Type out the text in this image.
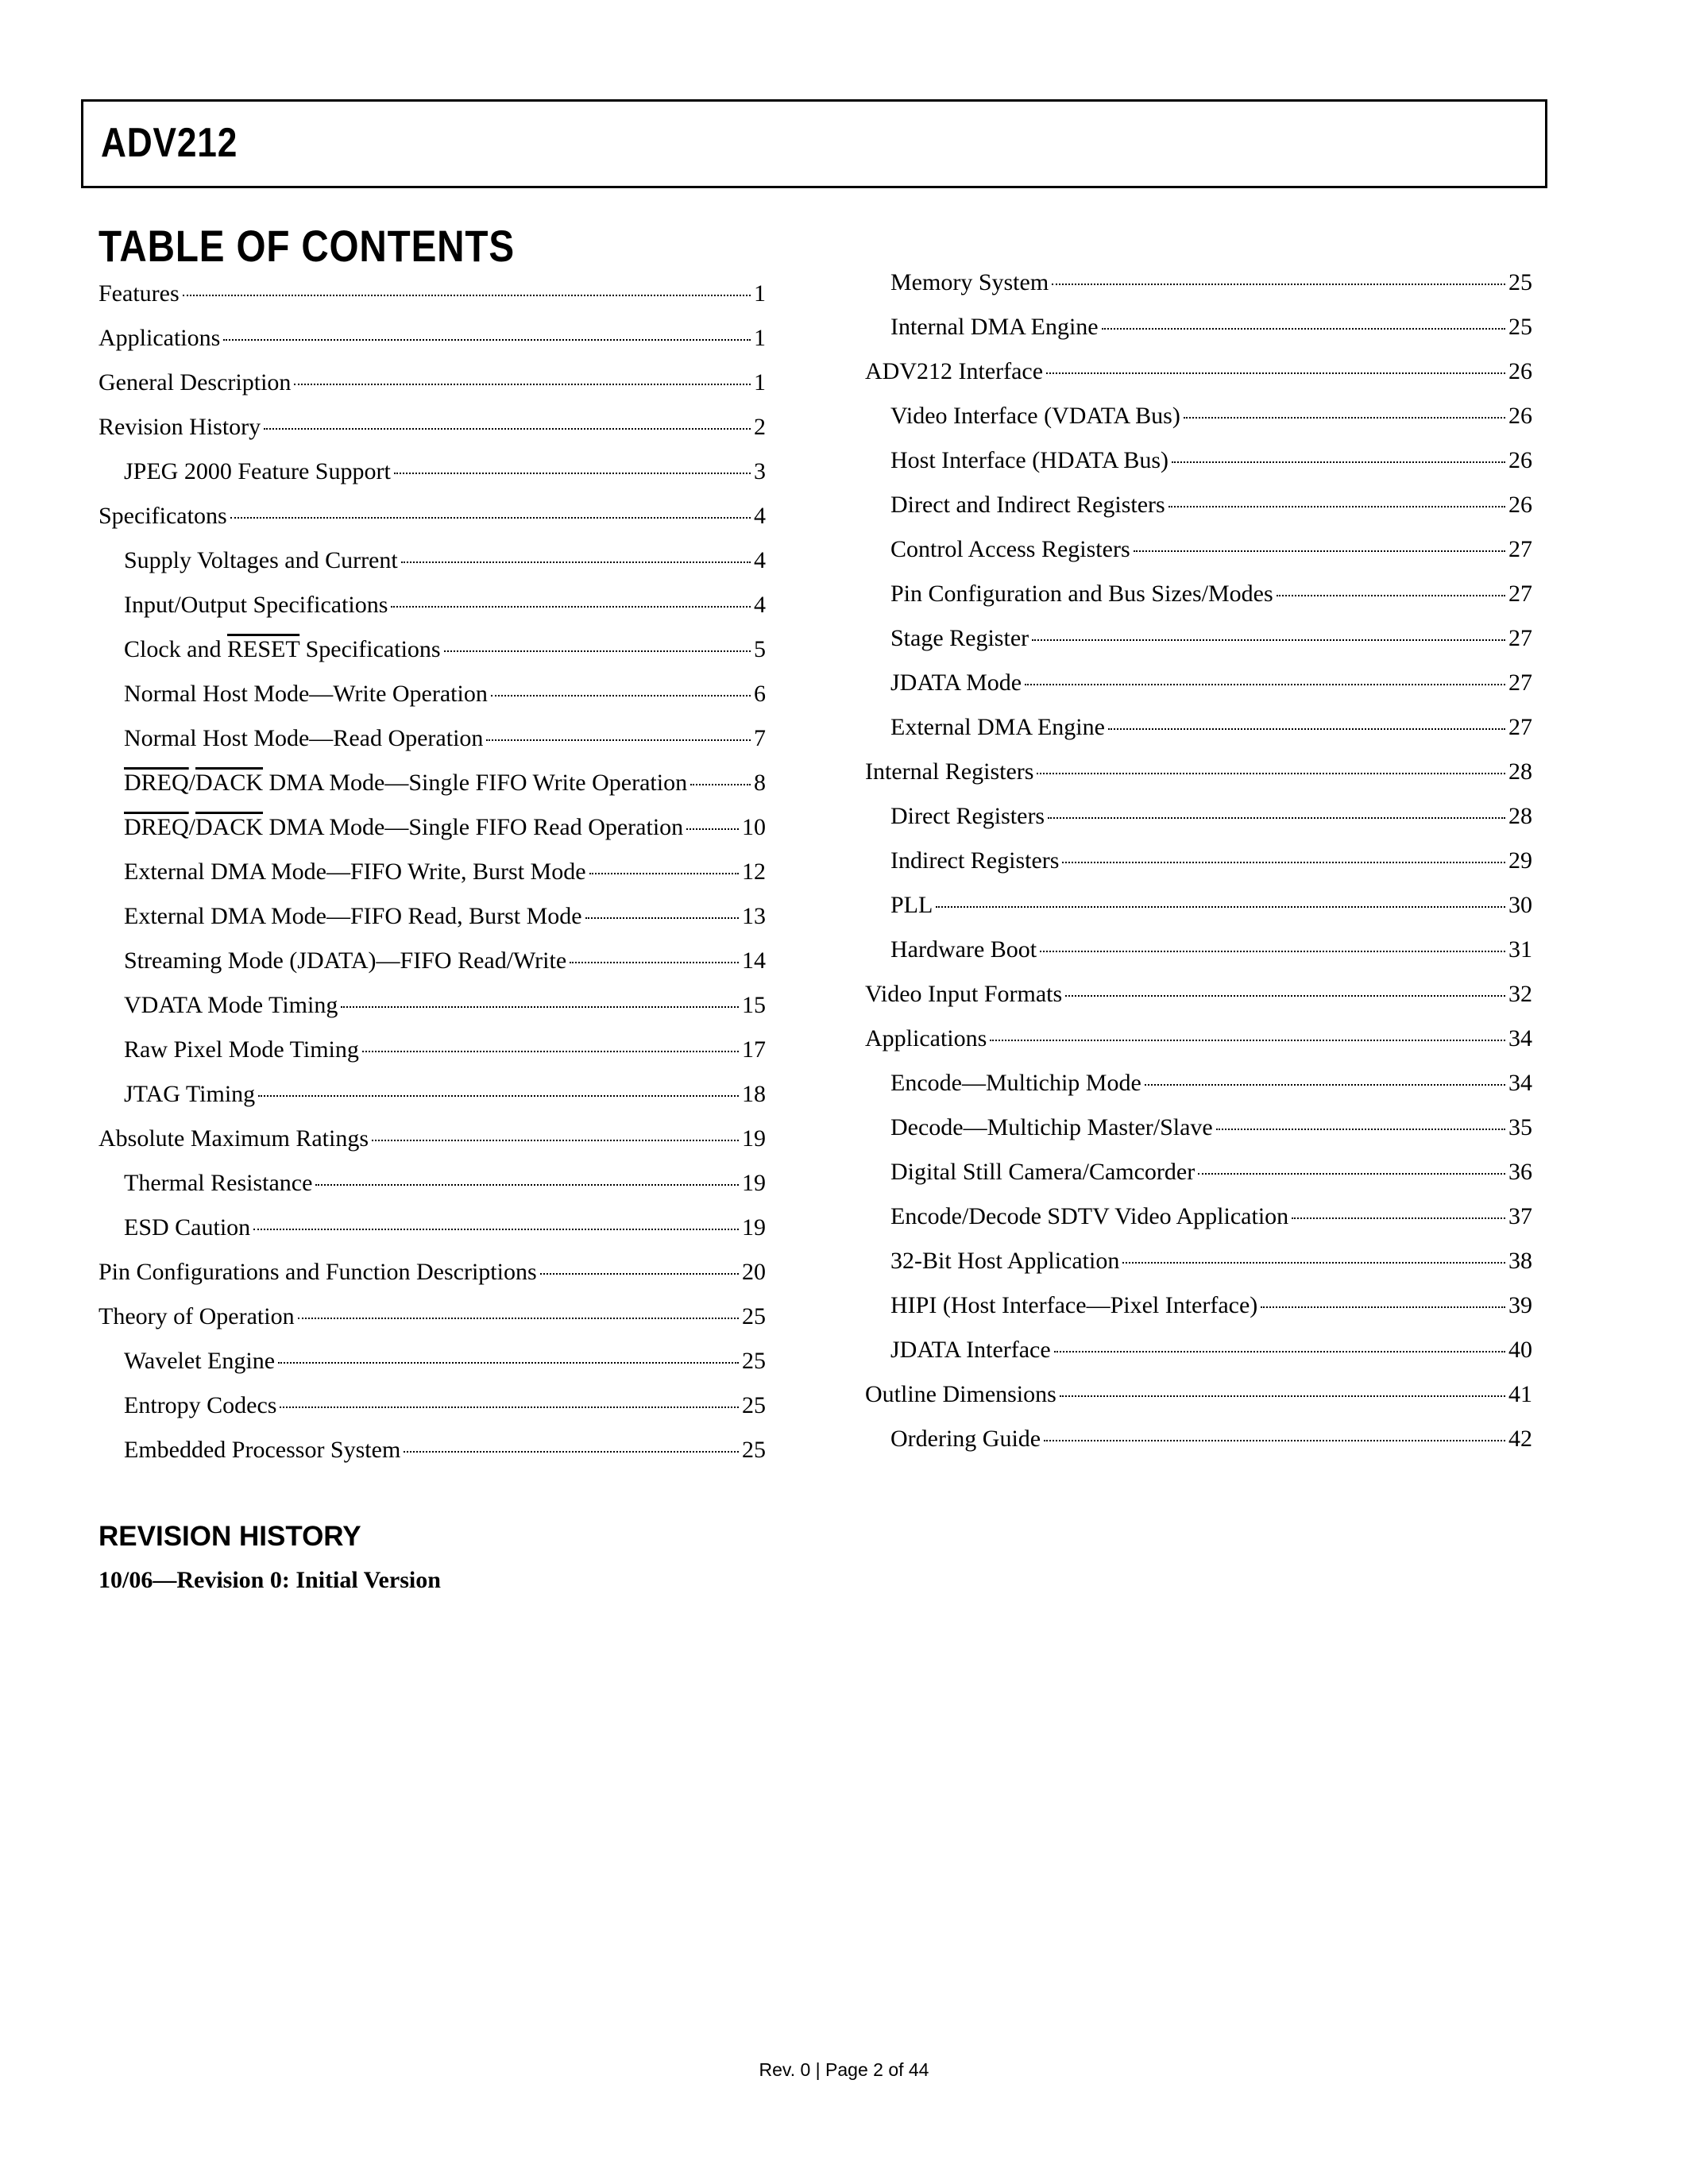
ADV212
TABLE OF CONTENTS
Features	1
Applications	1
General Description	1
Revision History	2
JPEG 2000 Feature Support	3
Specificatons	4
Supply Voltages and Current	4
Input/Output Specifications	4
Clock and RESET Specifications	5
Normal Host Mode—Write Operation	6
Normal Host Mode—Read Operation	7
DREQ/DACK DMA Mode—Single FIFO Write Operation	8
DREQ/DACK DMA Mode—Single FIFO Read Operation 10
External DMA Mode—FIFO Write, Burst Mode	12
External DMA Mode—FIFO Read, Burst Mode	13
Streaming Mode (JDATA)—FIFO Read/Write	14
VDATA Mode Timing	15
Raw Pixel Mode Timing	17
JTAG Timing	18
Absolute Maximum Ratings	19
Thermal Resistance	19
ESD Caution	19
Pin Configurations and Function Descriptions	20
Theory of Operation	25
Wavelet Engine	25
Entropy Codecs	25
Embedded Processor System	25
Memory System	25
Internal DMA Engine	25
ADV212 Interface	26
Video Interface (VDATA Bus)	26
Host Interface (HDATA Bus)	26
Direct and Indirect Registers	26
Control Access Registers	27
Pin Configuration and Bus Sizes/Modes	27
Stage Register	27
JDATA Mode	27
External DMA Engine	27
Internal Registers	28
Direct Registers	28
Indirect Registers	29
PLL	30
Hardware Boot	31
Video Input Formats	32
Applications	34
Encode—Multichip Mode	34
Decode—Multichip Master/Slave	35
Digital Still Camera/Camcorder	36
Encode/Decode SDTV Video Application	37
32-Bit Host Application	38
HIPI (Host Interface—Pixel Interface)	39
JDATA Interface	40
Outline Dimensions	41
Ordering Guide	42
REVISION HISTORY
10/06—Revision 0: Initial Version
Rev. 0 | Page 2 of 44
